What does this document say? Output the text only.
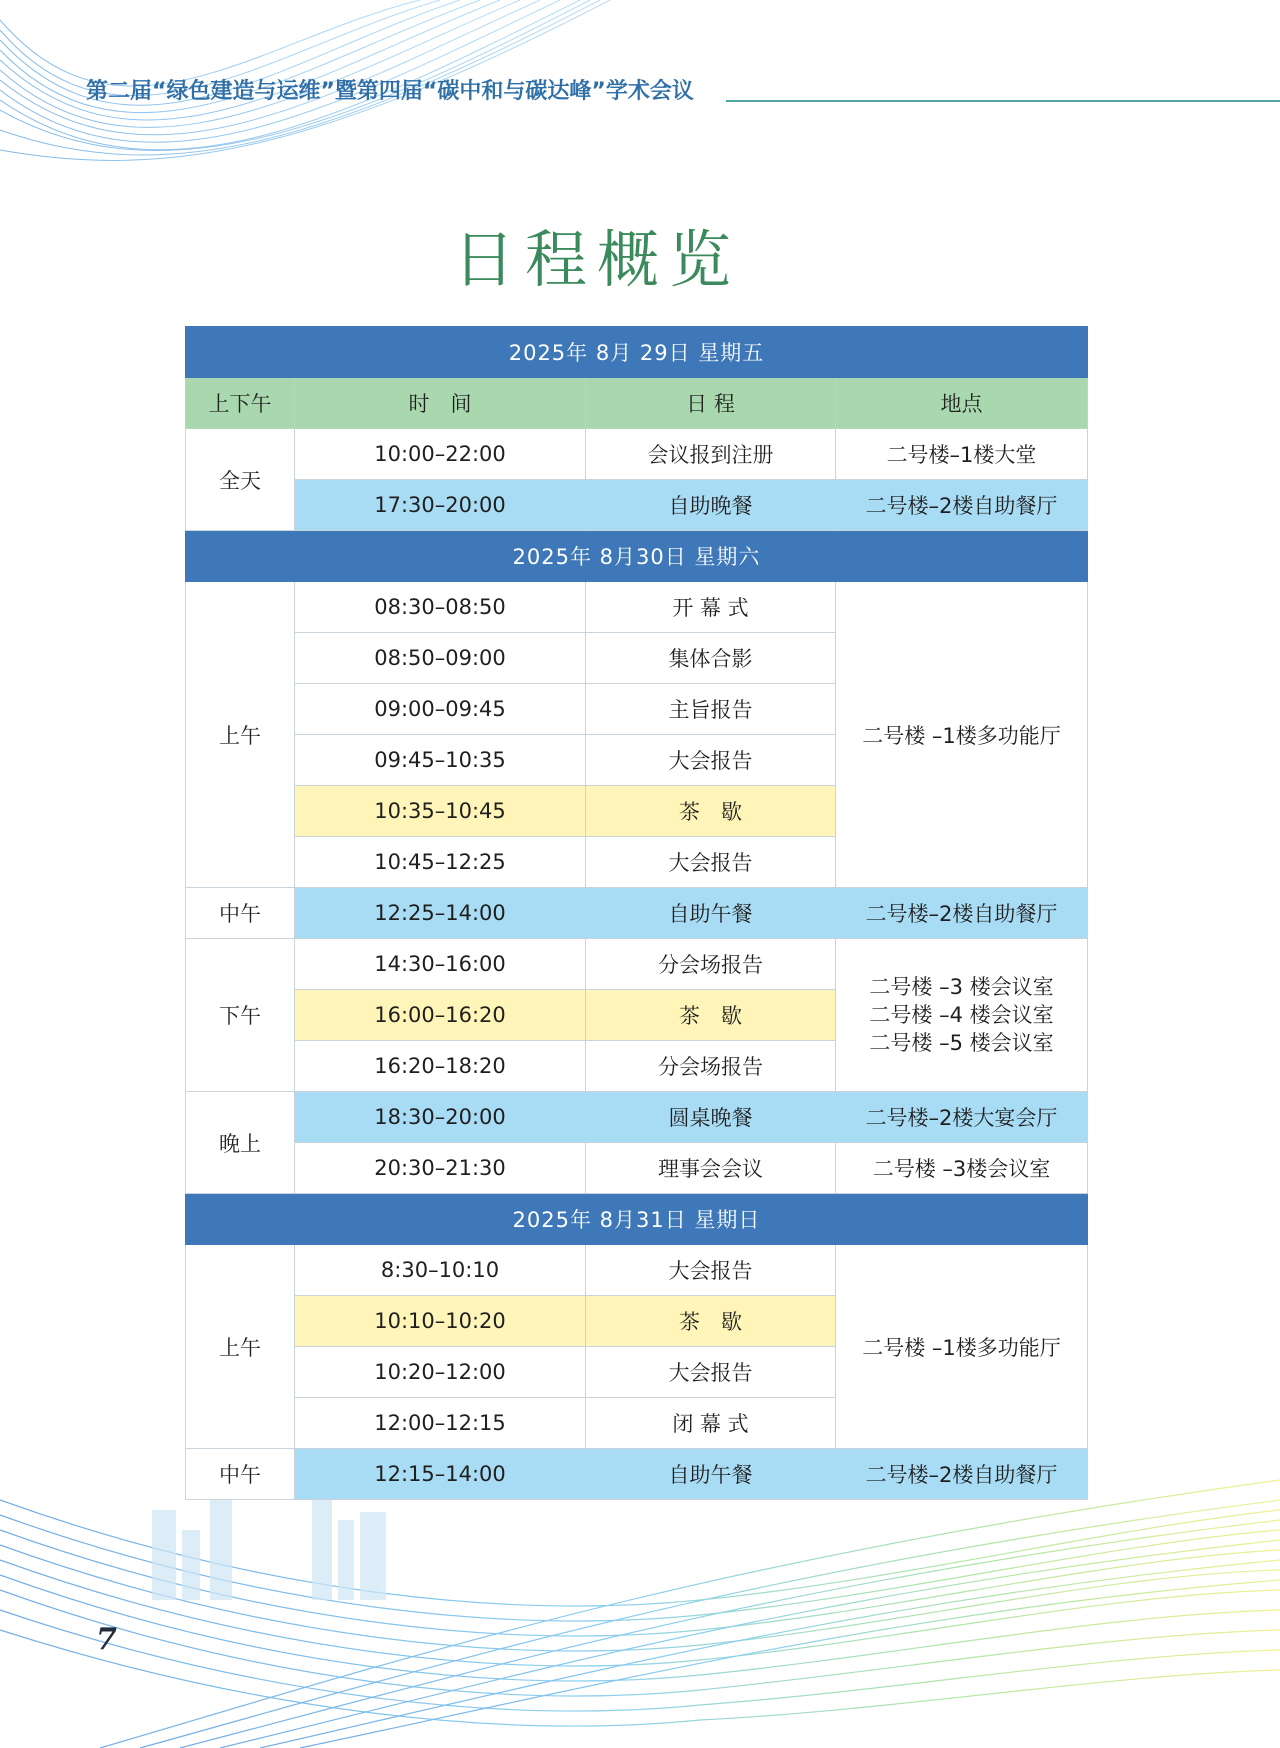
第二届“绿色建造与运维”暨第四届“碳中和与碳达峰”学术会议
日程概览
2025年 8月 29日 星期五			
上下午	时　间	日 程	地点
全天	10:00–22:00	会议报到注册	二号楼–1楼大堂
	17:30–20:00	自助晚餐	二号楼–2楼自助餐厅
2025年 8月30日 星期六			
上午	08:30–08:50	开 幕 式	二号楼 –1楼多功能厅
	08:50–09:00	集体合影	
	09:00–09:45	主旨报告	
	09:45–10:35	大会报告	
	10:35–10:45	茶　歇	
	10:45–12:25	大会报告	
中午	12:25–14:00	自助午餐	二号楼–2楼自助餐厅
下午	14:30–16:00	分会场报告	二号楼 –3 楼会议室
二号楼 –4 楼会议室
二号楼 –5 楼会议室

	16:00–16:20	茶　歇	
	16:20–18:20	分会场报告	
晚上	18:30–20:00	圆桌晚餐	二号楼–2楼大宴会厅
	20:30–21:30	理事会会议	二号楼 –3楼会议室
2025年 8月31日 星期日			
上午	8:30–10:10	大会报告	二号楼 –1楼多功能厅
	10:10–10:20	茶　歇	
	10:20–12:00	大会报告	
	12:00–12:15	闭 幕 式	
中午	12:15–14:00	自助午餐	二号楼–2楼自助餐厅
7
